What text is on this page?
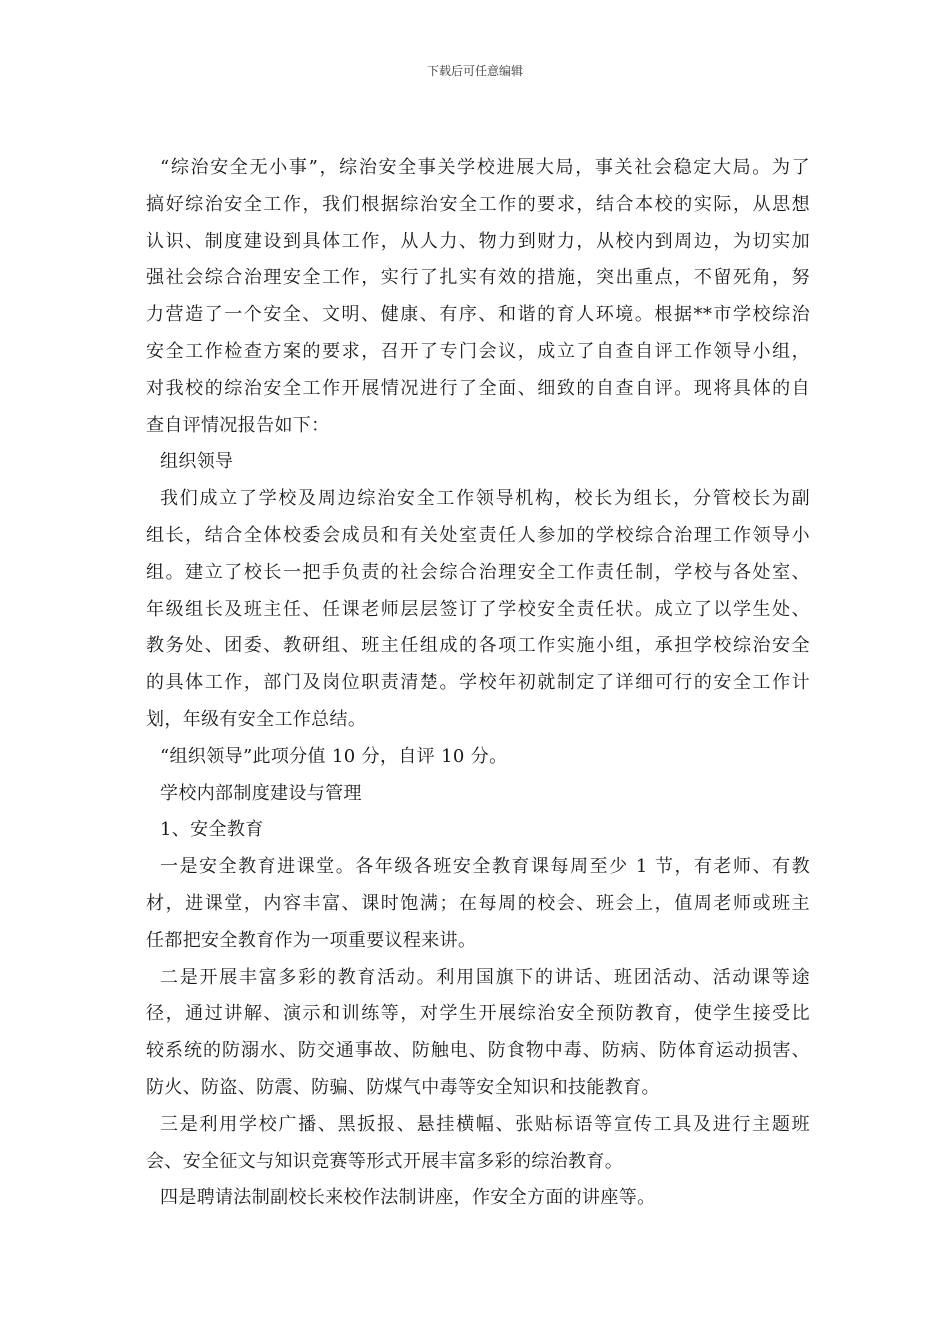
下载后可任意编辑
“综治安全无小事”，综治安全事关学校进展大局，事关社会稳定大局。为了
搞好综治安全工作，我们根据综治安全工作的要求，结合本校的实际，从思想
认识、制度建设到具体工作，从人力、物力到财力，从校内到周边，为切实加
强社会综合治理安全工作，实行了扎实有效的措施，突出重点，不留死角，努
力营造了一个安全、文明、健康、有序、和谐的育人环境。根据**市学校综治
安全工作检查方案的要求，召开了专门会议，成立了自查自评工作领导小组，
对我校的综治安全工作开展情况进行了全面、细致的自查自评。现将具体的自
查自评情况报告如下：
组织领导
我们成立了学校及周边综治安全工作领导机构，校长为组长，分管校长为副
组长，结合全体校委会成员和有关处室责任人参加的学校综合治理工作领导小
组。建立了校长一把手负责的社会综合治理安全工作责任制，学校与各处室、
年级组长及班主任、任课老师层层签订了学校安全责任状。成立了以学生处、
教务处、团委、教研组、班主任组成的各项工作实施小组，承担学校综治安全
的具体工作，部门及岗位职责清楚。学校年初就制定了详细可行的安全工作计
划，年级有安全工作总结。
“组织领导”此项分值 10 分，自评 10 分。
学校内部制度建设与管理
1、安全教育
一是安全教育进课堂。各年级各班安全教育课每周至少 1 节，有老师、有教
材，进课堂，内容丰富、课时饱满；在每周的校会、班会上，值周老师或班主
任都把安全教育作为一项重要议程来讲。
二是开展丰富多彩的教育活动。利用国旗下的讲话、班团活动、活动课等途
径，通过讲解、演示和训练等，对学生开展综治安全预防教育，使学生接受比
较系统的防溺水、防交通事故、防触电、防食物中毒、防病、防体育运动损害、
防火、防盗、防震、防骗、防煤气中毒等安全知识和技能教育。
三是利用学校广播、黑扳报、悬挂横幅、张贴标语等宣传工具及进行主题班
会、安全征文与知识竞赛等形式开展丰富多彩的综治教育。
四是聘请法制副校长来校作法制讲座，作安全方面的讲座等。
